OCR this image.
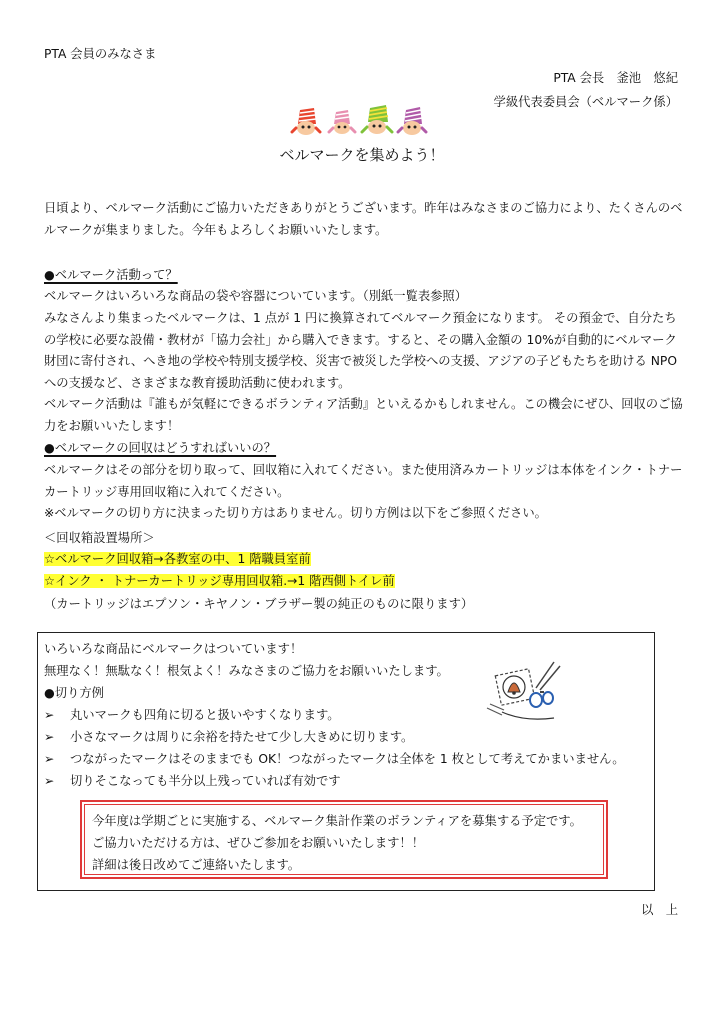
PTA 会員のみなさま
PTA 会長　釜池　悠紀
学級代表委員会（ベルマーク係）
ベルマークを集めよう！
日頃より、ベルマーク活動にご協力いただきありがとうございます。昨年はみなさまのご協力により、たくさんのベルマークが集まりました。今年もよろしくお願いいたします。
●ベルマーク活動って？
ベルマークはいろいろな商品の袋や容器についています。（別紙一覧表参照）
みなさんより集まったベルマークは、1 点が 1 円に換算されてベルマーク預金になります。 その預金で、自分たちの学校に必要な設備・教材が「協力会社」から購入できます。すると、その購入金額の 10%が自動的にベルマーク財団に寄付され、へき地の学校や特別支援学校、災害で被災した学校への支援、アジアの子どもたちを助ける NPO への支援など、さまざまな教育援助活動に使われます。
ベルマーク活動は『誰もが気軽にできるボランティア活動』といえるかもしれません。この機会にぜひ、回収のご協力をお願いいたします！
●ベルマークの回収はどうすればいいの？
ベルマークはその部分を切り取って、回収箱に入れてください。また使用済みカートリッジは本体をインク・トナーカートリッジ専用回収箱に入れてください。
※ベルマークの切り方に決まった切り方はありません。切り方例は以下をご参照ください。
＜回収箱設置場所＞
☆ベルマーク回収箱→各教室の中、1 階職員室前
☆インク ・ トナーカートリッジ専用回収箱.→1 階西側トイレ前
（カートリッジはエプソン・キヤノン・ブラザー製の純正のものに限ります）
いろいろな商品にベルマークはついています！
無理なく！無駄なく！根気よく！みなさまのご協力をお願いいたします。
●切り方例
➢ 丸いマークも四角に切ると扱いやすくなります。
➢ 小さなマークは周りに余裕を持たせて少し大きめに切ります。
➢ つながったマークはそのままでも OK！つながったマークは全体を 1 枚として考えてかまいません。
➢ 切りそこなっても半分以上残っていれば有効です
今年度は学期ごとに実施する、ベルマーク集計作業のボランティアを募集する予定です。
ご協力いただける方は、ぜひご参加をお願いいたします！！
詳細は後日改めてご連絡いたします。
以　上
